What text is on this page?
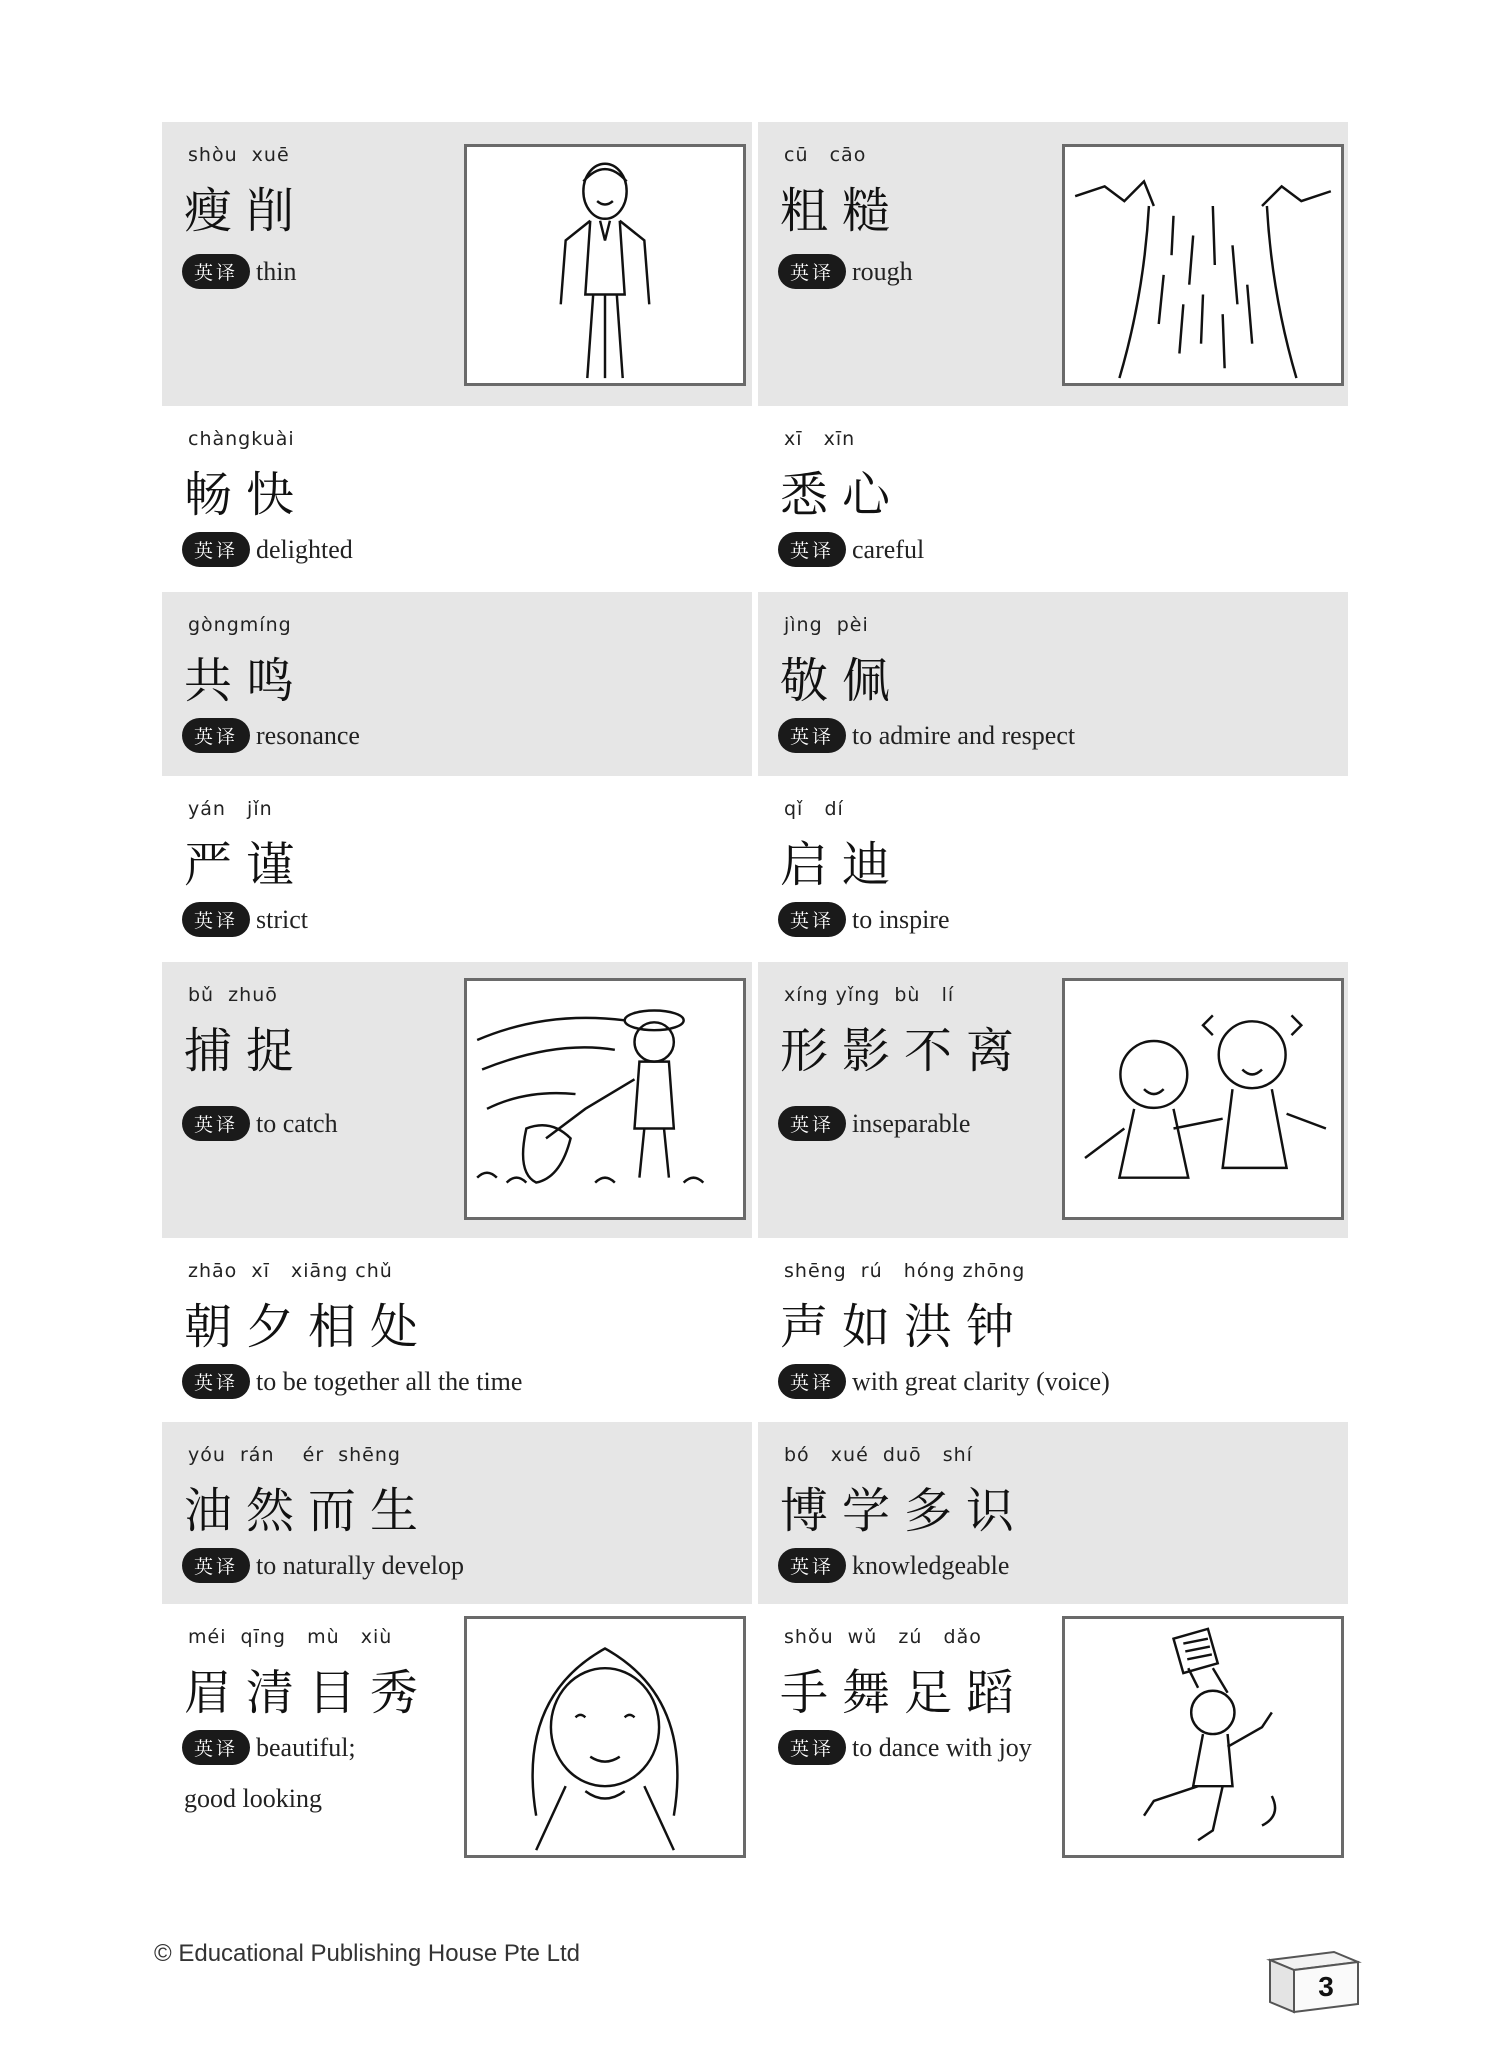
shòu  xuē
瘦削
英译 thin
cū   cāo
粗糙
英译 rough
chàngkuài
畅快
英译 delighted
xī   xīn
悉心
英译 careful
gòngmíng
共鸣
英译 resonance
jìng  pèi
敬佩
英译 to admire and respect
yán   jǐn
严谨
英译 strict
qǐ   dí
启迪
英译 to inspire
bǔ  zhuō
捕捉
英译 to catch
xíng yǐng  bù   lí
形影不离
英译 inseparable
zhāo  xī   xiāng chǔ
朝夕相处
英译 to be together all the time
shēng  rú   hóng zhōng
声如洪钟
英译 with great clarity (voice)
yóu  rán    ér  shēng
油然而生
英译 to naturally develop
bó   xué  duō   shí
博学多识
英译 knowledgeable
méi  qīng   mù   xiù
眉清目秀
英译 beautiful;
good looking
shǒu  wǔ   zú   dǎo
手舞足蹈
英译 to dance with joy
© Educational Publishing House Pte Ltd
3
